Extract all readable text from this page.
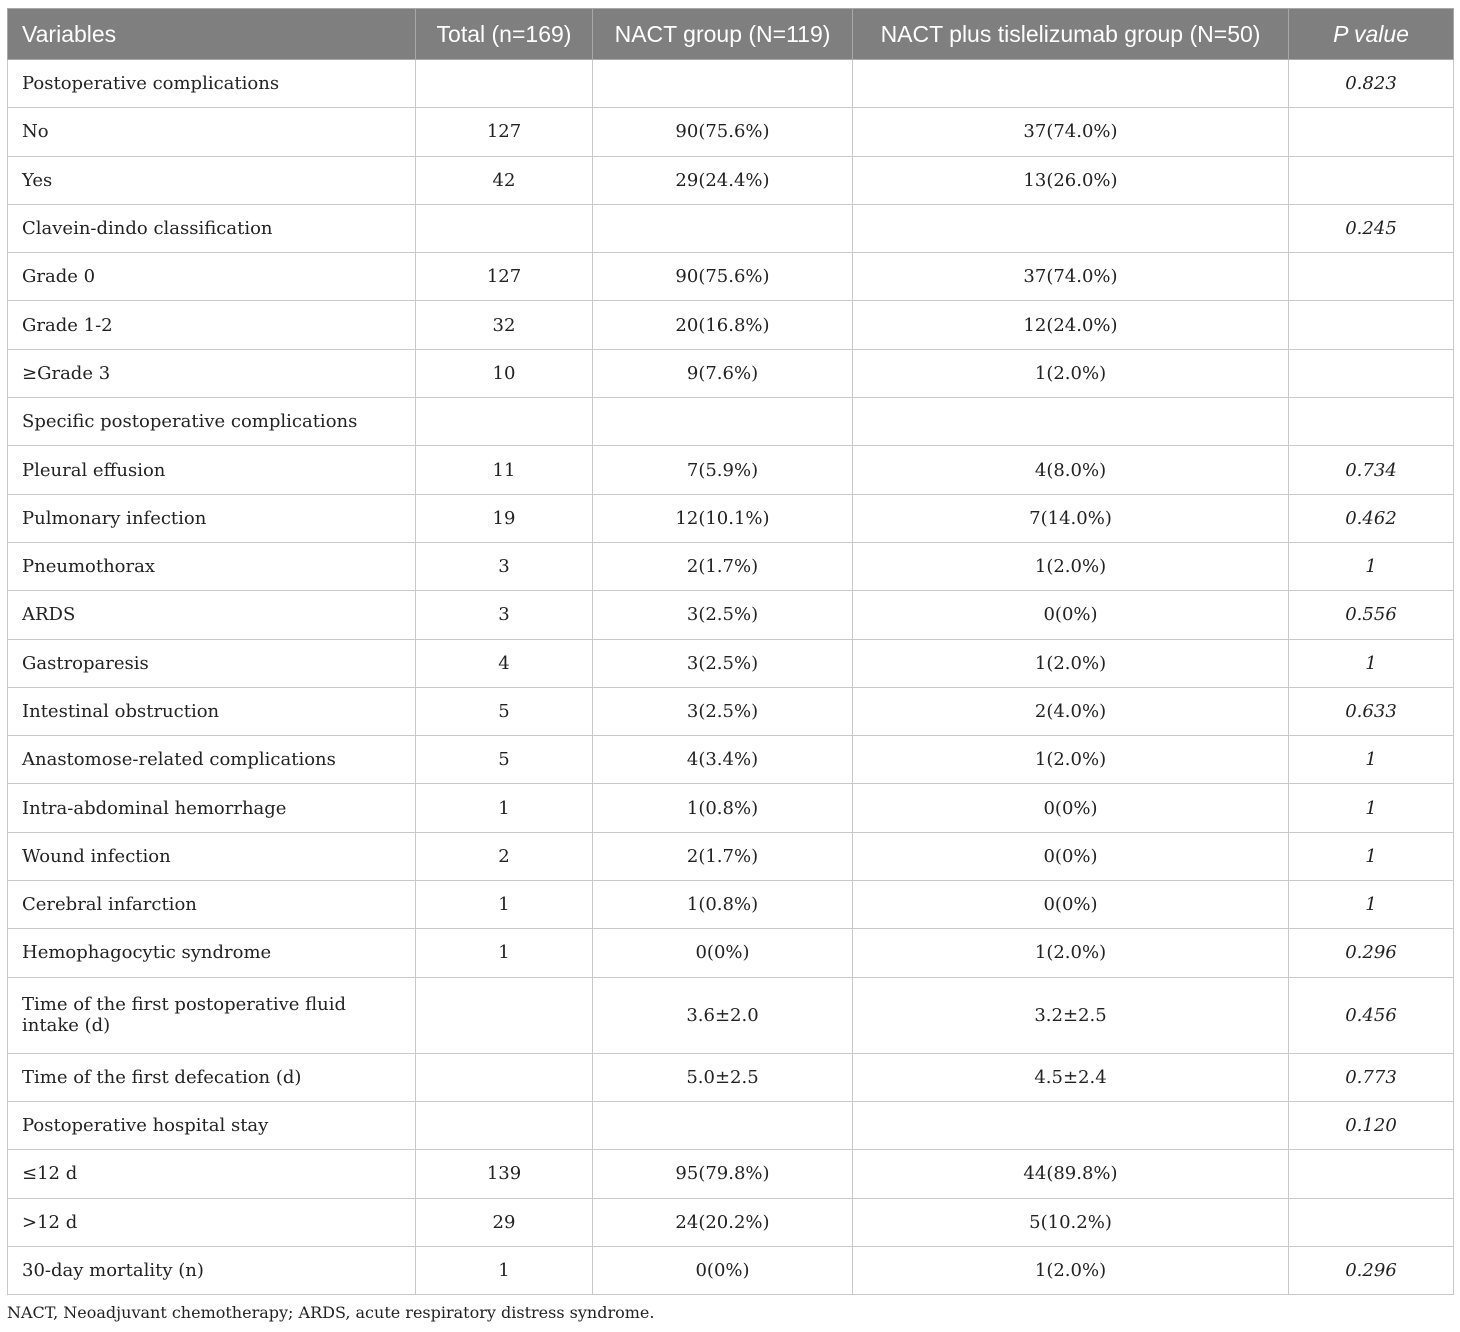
Variables	Total (n=169)	NACT group (N=119)	NACT plus tislelizumab group (N=50)	P value
Postoperative complications				0.823
No	127	90(75.6%)	37(74.0%)	
Yes	42	29(24.4%)	13(26.0%)	
Clavein-dindo classification				0.245
Grade 0	127	90(75.6%)	37(74.0%)	
Grade 1-2	32	20(16.8%)	12(24.0%)	
≥Grade 3	10	9(7.6%)	1(2.0%)	
Specific postoperative complications				
Pleural effusion	11	7(5.9%)	4(8.0%)	0.734
Pulmonary infection	19	12(10.1%)	7(14.0%)	0.462
Pneumothorax	3	2(1.7%)	1(2.0%)	1
ARDS	3	3(2.5%)	0(0%)	0.556
Gastroparesis	4	3(2.5%)	1(2.0%)	1
Intestinal obstruction	5	3(2.5%)	2(4.0%)	0.633
Anastomose-related complications	5	4(3.4%)	1(2.0%)	1
Intra-abdominal hemorrhage	1	1(0.8%)	0(0%)	1
Wound infection	2	2(1.7%)	0(0%)	1
Cerebral infarction	1	1(0.8%)	0(0%)	1
Hemophagocytic syndrome	1	0(0%)	1(2.0%)	0.296
Time of the first postoperative fluid intake (d)		3.6±2.0	3.2±2.5	0.456
Time of the first defecation (d)		5.0±2.5	4.5±2.4	0.773
Postoperative hospital stay				0.120
≤12 d	139	95(79.8%)	44(89.8%)	
>12 d	29	24(20.2%)	5(10.2%)	
30-day mortality (n)	1	0(0%)	1(2.0%)	0.296
NACT, Neoadjuvant chemotherapy; ARDS, acute respiratory distress syndrome.
